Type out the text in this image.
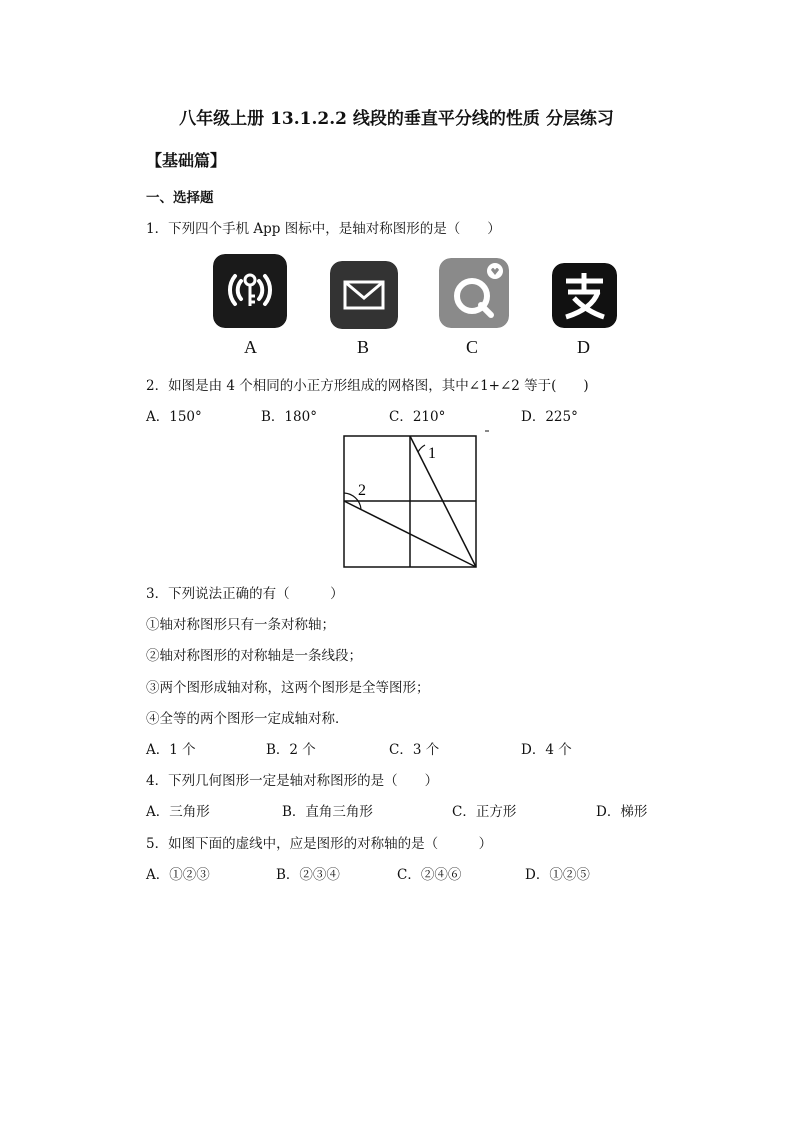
八年级上册 13.1.2.2 线段的垂直平分线的性质 分层练习
【基础篇】
一、选择题
1．下列四个手机 App 图标中，是轴对称图形的是（　　）
A	B	C	D
2．如图是由 4 个相同的小正方形组成的网格图，其中∠1+∠2 等于(　　)
A．150°	B．180°	C．210°	D．225°
1
2
3．下列说法正确的有（　　　）
①轴对称图形只有一条对称轴；
②轴对称图形的对称轴是一条线段；
③两个图形成轴对称，这两个图形是全等图形；
④全等的两个图形一定成轴对称．
A．1 个	B．2 个	C．3 个	D．4 个
4．下列几何图形一定是轴对称图形的是（　　）
A．三角形	B．直角三角形	C．正方形	D．梯形
5．如图下面的虚线中，应是图形的对称轴的是（　　　）
A．①②③	B．②③④	C．②④⑥	D．①②⑤
